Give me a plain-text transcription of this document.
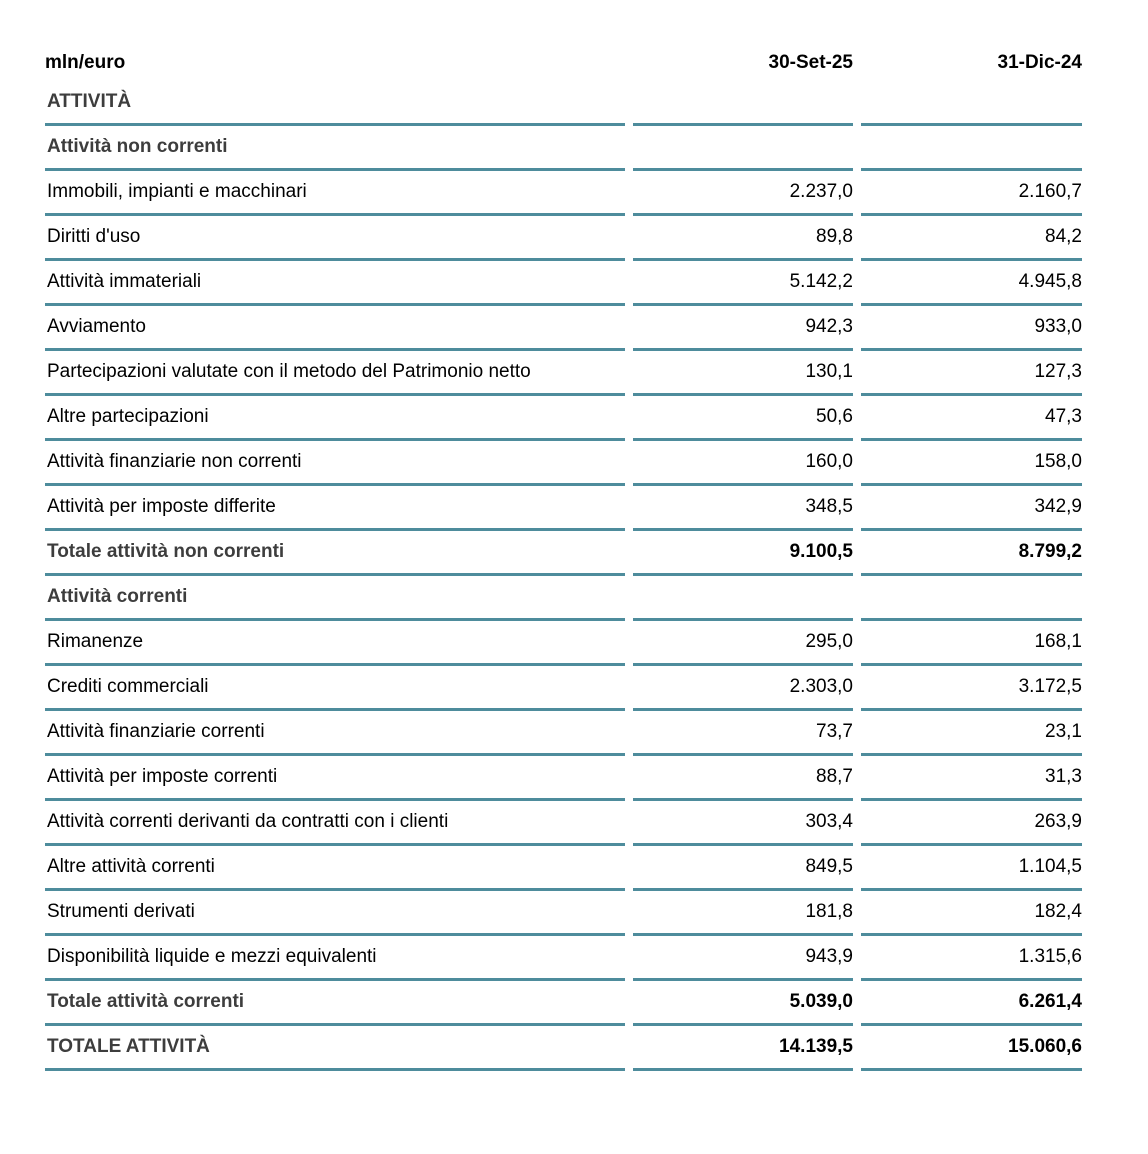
mln/euro	30-Set-25	31-Dic-24
ATTIVITÀ
Attività non correnti
Immobili, impianti e macchinari	2.237,0	2.160,7
Diritti d'uso	89,8	84,2
Attività immateriali	5.142,2	4.945,8
Avviamento	942,3	933,0
Partecipazioni valutate con il metodo del Patrimonio netto	130,1	127,3
Altre partecipazioni	50,6	47,3
Attività finanziarie non correnti	160,0	158,0
Attività per imposte differite	348,5	342,9
Totale attività non correnti	9.100,5	8.799,2
Attività correnti
Rimanenze	295,0	168,1
Crediti commerciali	2.303,0	3.172,5
Attività finanziarie correnti	73,7	23,1
Attività per imposte correnti	88,7	31,3
Attività correnti derivanti da contratti con i clienti	303,4	263,9
Altre attività correnti	849,5	1.104,5
Strumenti derivati	181,8	182,4
Disponibilità liquide e mezzi equivalenti	943,9	1.315,6
Totale attività correnti	5.039,0	6.261,4
TOTALE ATTIVITÀ	14.139,5	15.060,6
